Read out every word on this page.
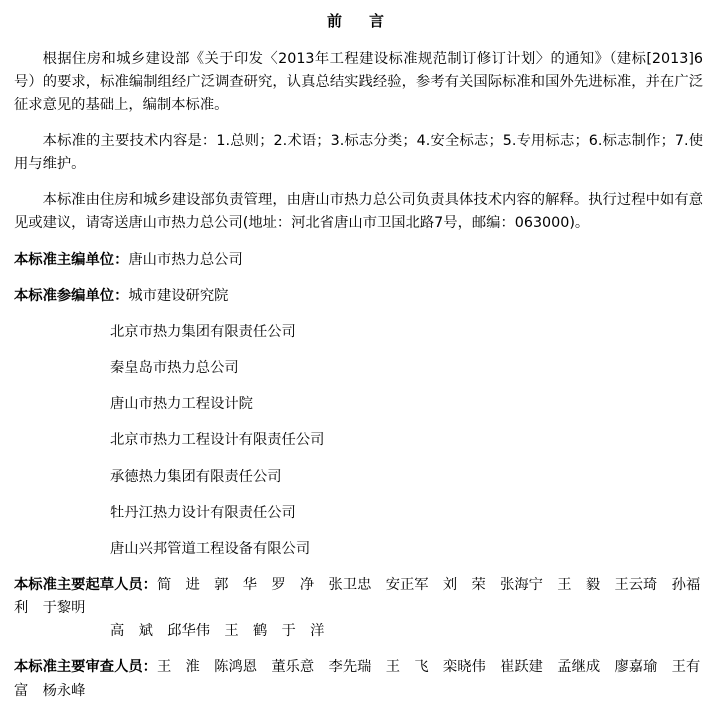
前　言

根据住房和城乡建设部《关于印发〈2013年工程建设标准规范制订修订计划〉的通知》（建标[2013]6号）的要求，标准编制组经广泛调查研究，认真总结实践经验，参考有关国际标准和国外先进标准，并在广泛征求意见的基础上，编制本标准。

本标准的主要技术内容是：1.总则；2.术语；3.标志分类；4.安全标志；5.专用标志；6.标志制作；7.使用与维护。

本标准由住房和城乡建设部负责管理，由唐山市热力总公司负责具体技术内容的解释。执行过程中如有意见或建议，请寄送唐山市热力总公司(地址：河北省唐山市卫国北路7号，邮编：063000)。

本标准主编单位：唐山市热力总公司

本标准参编单位：城市建设研究院

北京市热力集团有限责任公司

秦皇岛市热力总公司

唐山市热力工程设计院

北京市热力工程设计有限责任公司

承德热力集团有限责任公司

牡丹江热力设计有限责任公司

唐山兴邦管道工程设备有限公司

本标准主要起草人员：简　进　郭　华　罗　净　张卫忠　安正军　刘　荣　张海宁　王　毅　王云琦　孙福利　于黎明
高　斌　邱华伟　王　鹤　于　洋

本标准主要审查人员：王　淮　陈鸿恩　董乐意　李先瑞　王　飞　栾晓伟　崔跃建　孟继成　廖嘉瑜　王有富　杨永峰
